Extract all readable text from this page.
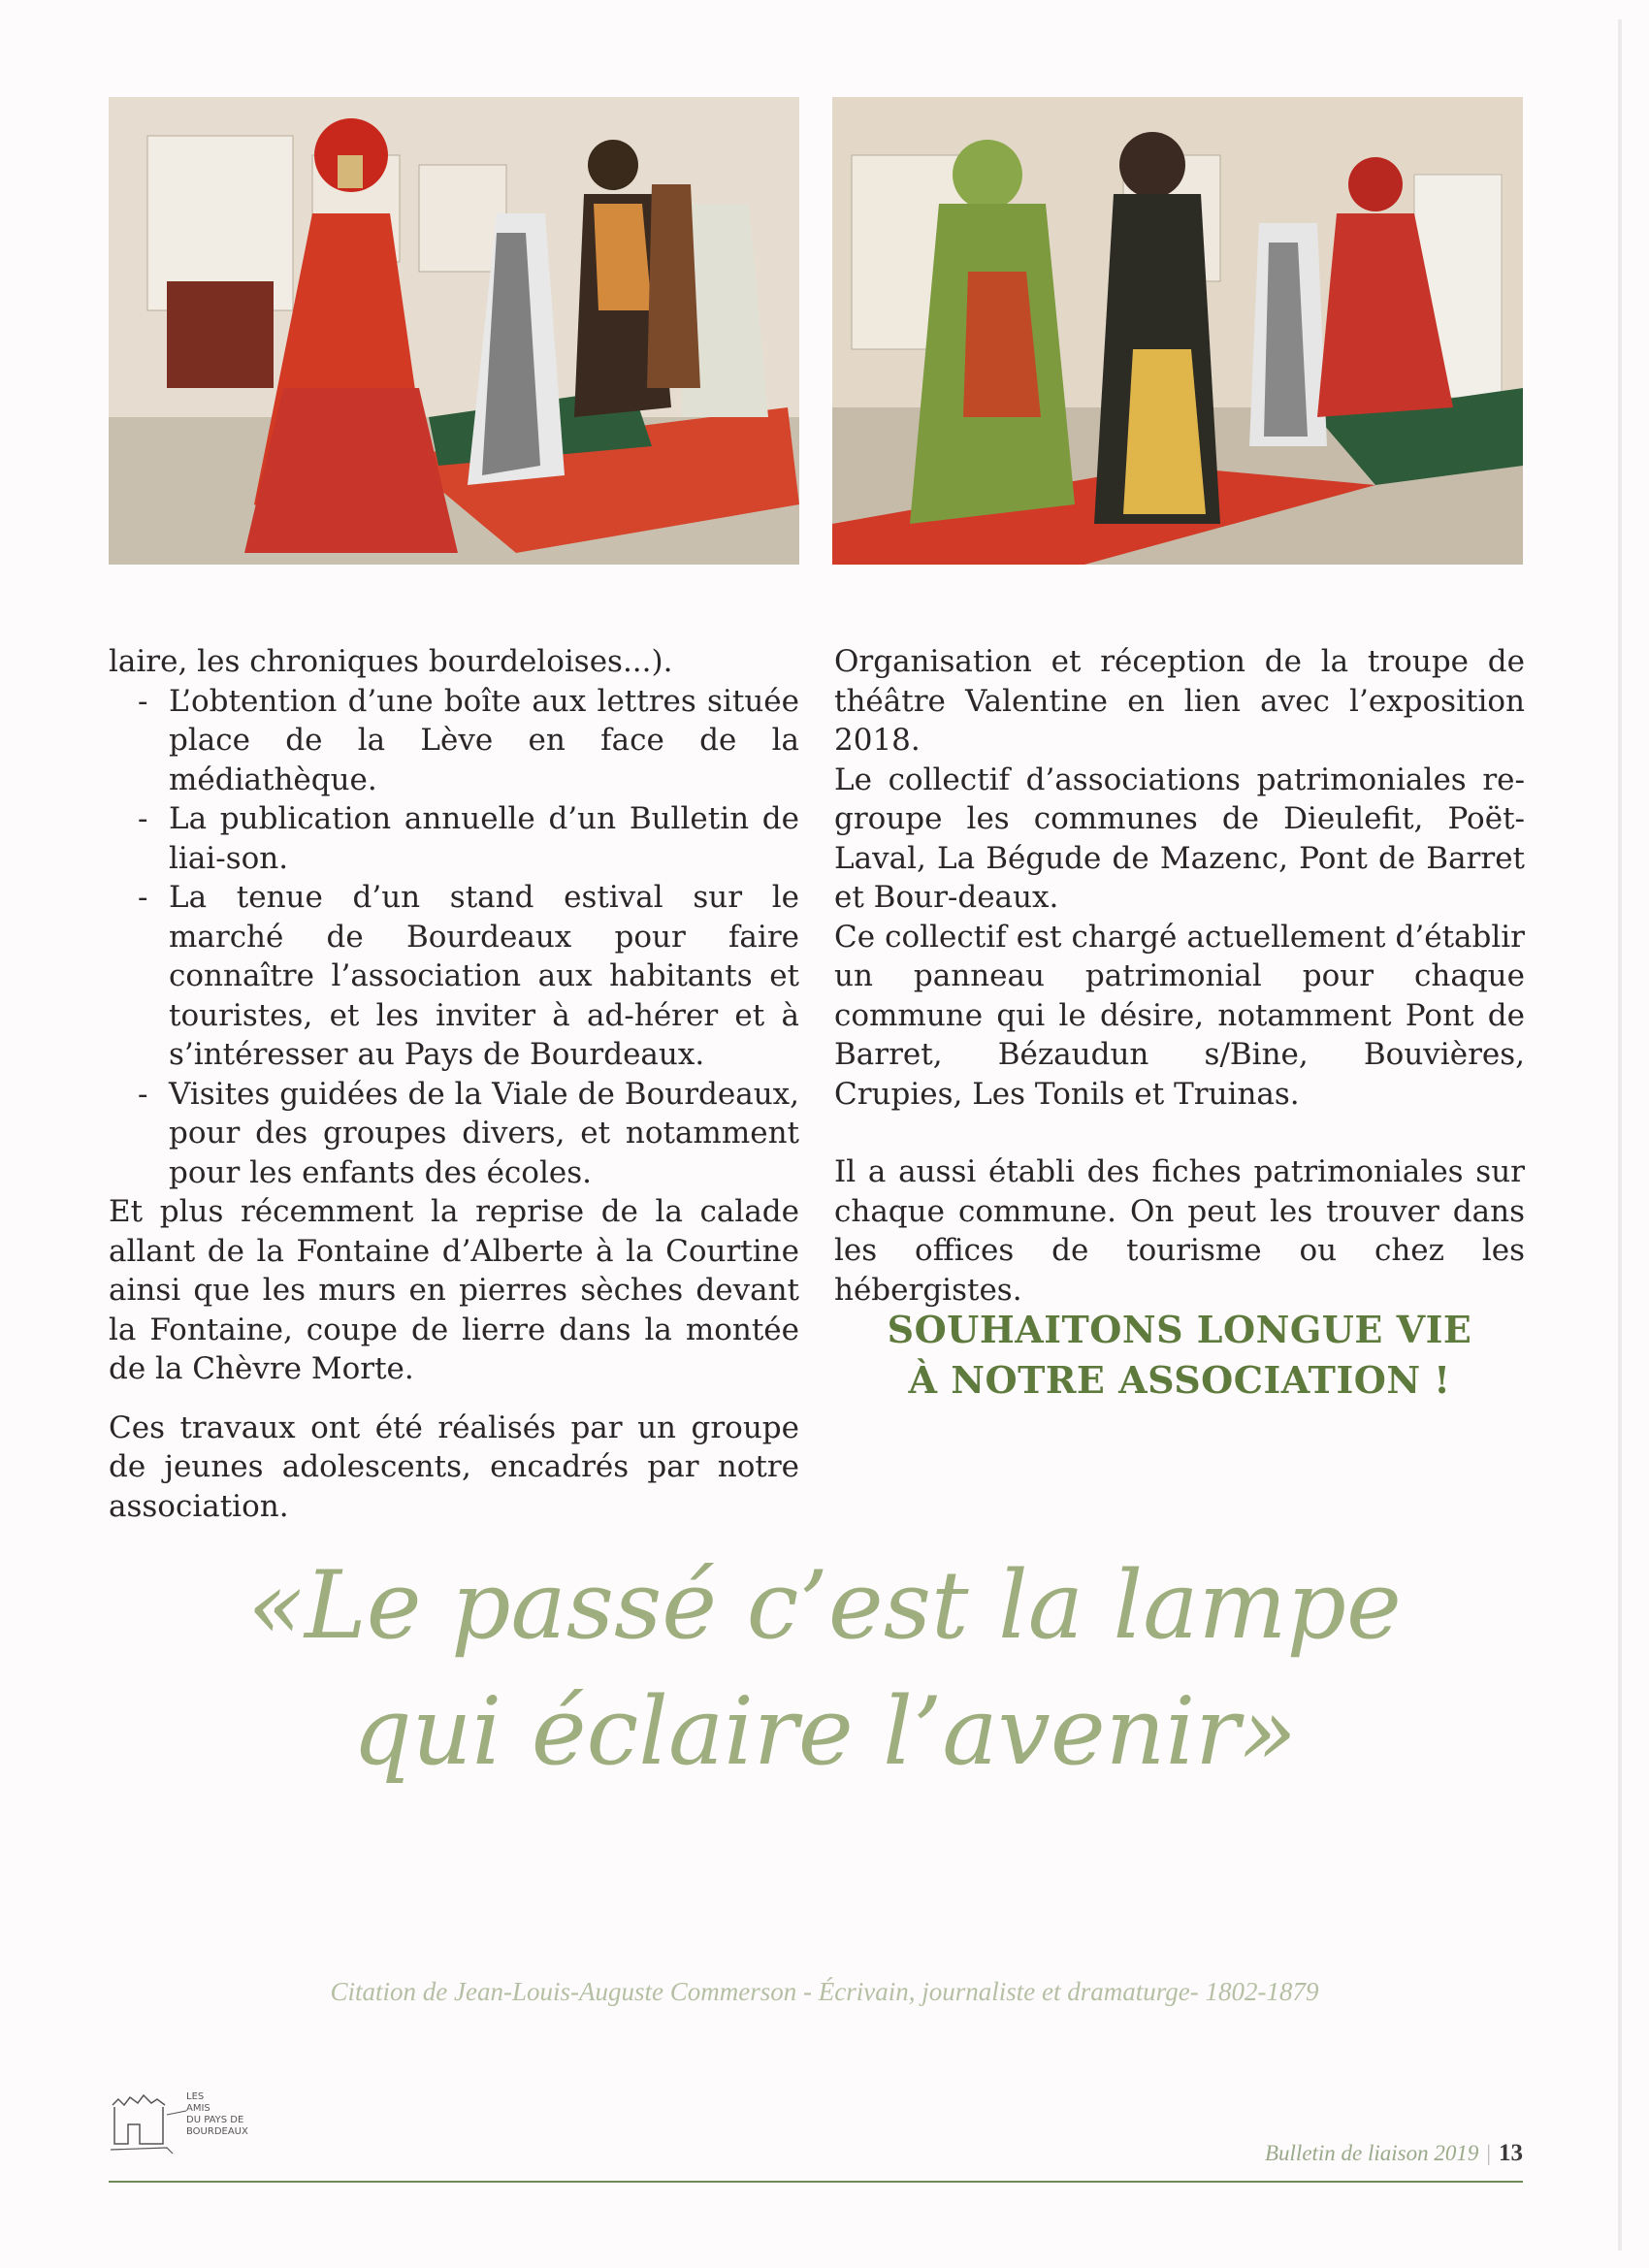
laire, les chroniques bourdeloises...).

- L’obtention d’une boîte aux lettres située place de la Lève en face de la médiathèque.
- La publication annuelle d’un Bulletin de liai-son.
- La tenue d’un stand estival sur le marché de Bourdeaux pour faire connaître l’association aux habitants et touristes, et les inviter à ad-hérer et à s’intéresser au Pays de Bourdeaux.
- Visites guidées de la Viale de Bourdeaux, pour des groupes divers, et notamment pour les enfants des écoles.

Et plus récemment la reprise de la calade allant de la Fontaine d’Alberte à la Courtine ainsi que les murs en pierres sèches devant la Fontaine, coupe de lierre dans la montée de la Chèvre Morte.

Ces travaux ont été réalisés par un groupe de jeunes adolescents, encadrés par notre association.

Organisation et réception de la troupe de théâtre Valentine en lien avec l’exposition 2018.

Le collectif d’associations patrimoniales re-groupe les communes de Dieulefit, Poët-Laval, La Bégude de Mazenc, Pont de Barret et Bour-deaux.

Ce collectif est chargé actuellement d’établir un panneau patrimonial pour chaque commune qui le désire, notamment Pont de Barret, Bézaudun s/Bine, Bouvières, Crupies, Les Tonils et Truinas.

Il a aussi établi des fiches patrimoniales sur chaque commune. On peut les trouver dans les offices de tourisme ou chez les hébergistes.

SOUHAITONS LONGUE VIE
À NOTRE ASSOCIATION !
«Le passé c’est la lampe
qui éclaire l’avenir»
Citation de Jean-Louis-Auguste Commerson - Écrivain, journaliste et dramaturge- 1802-1879
LES
AMIS
DU PAYS DE
BOURDEAUX
Bulletin de liaison 2019 | 13
